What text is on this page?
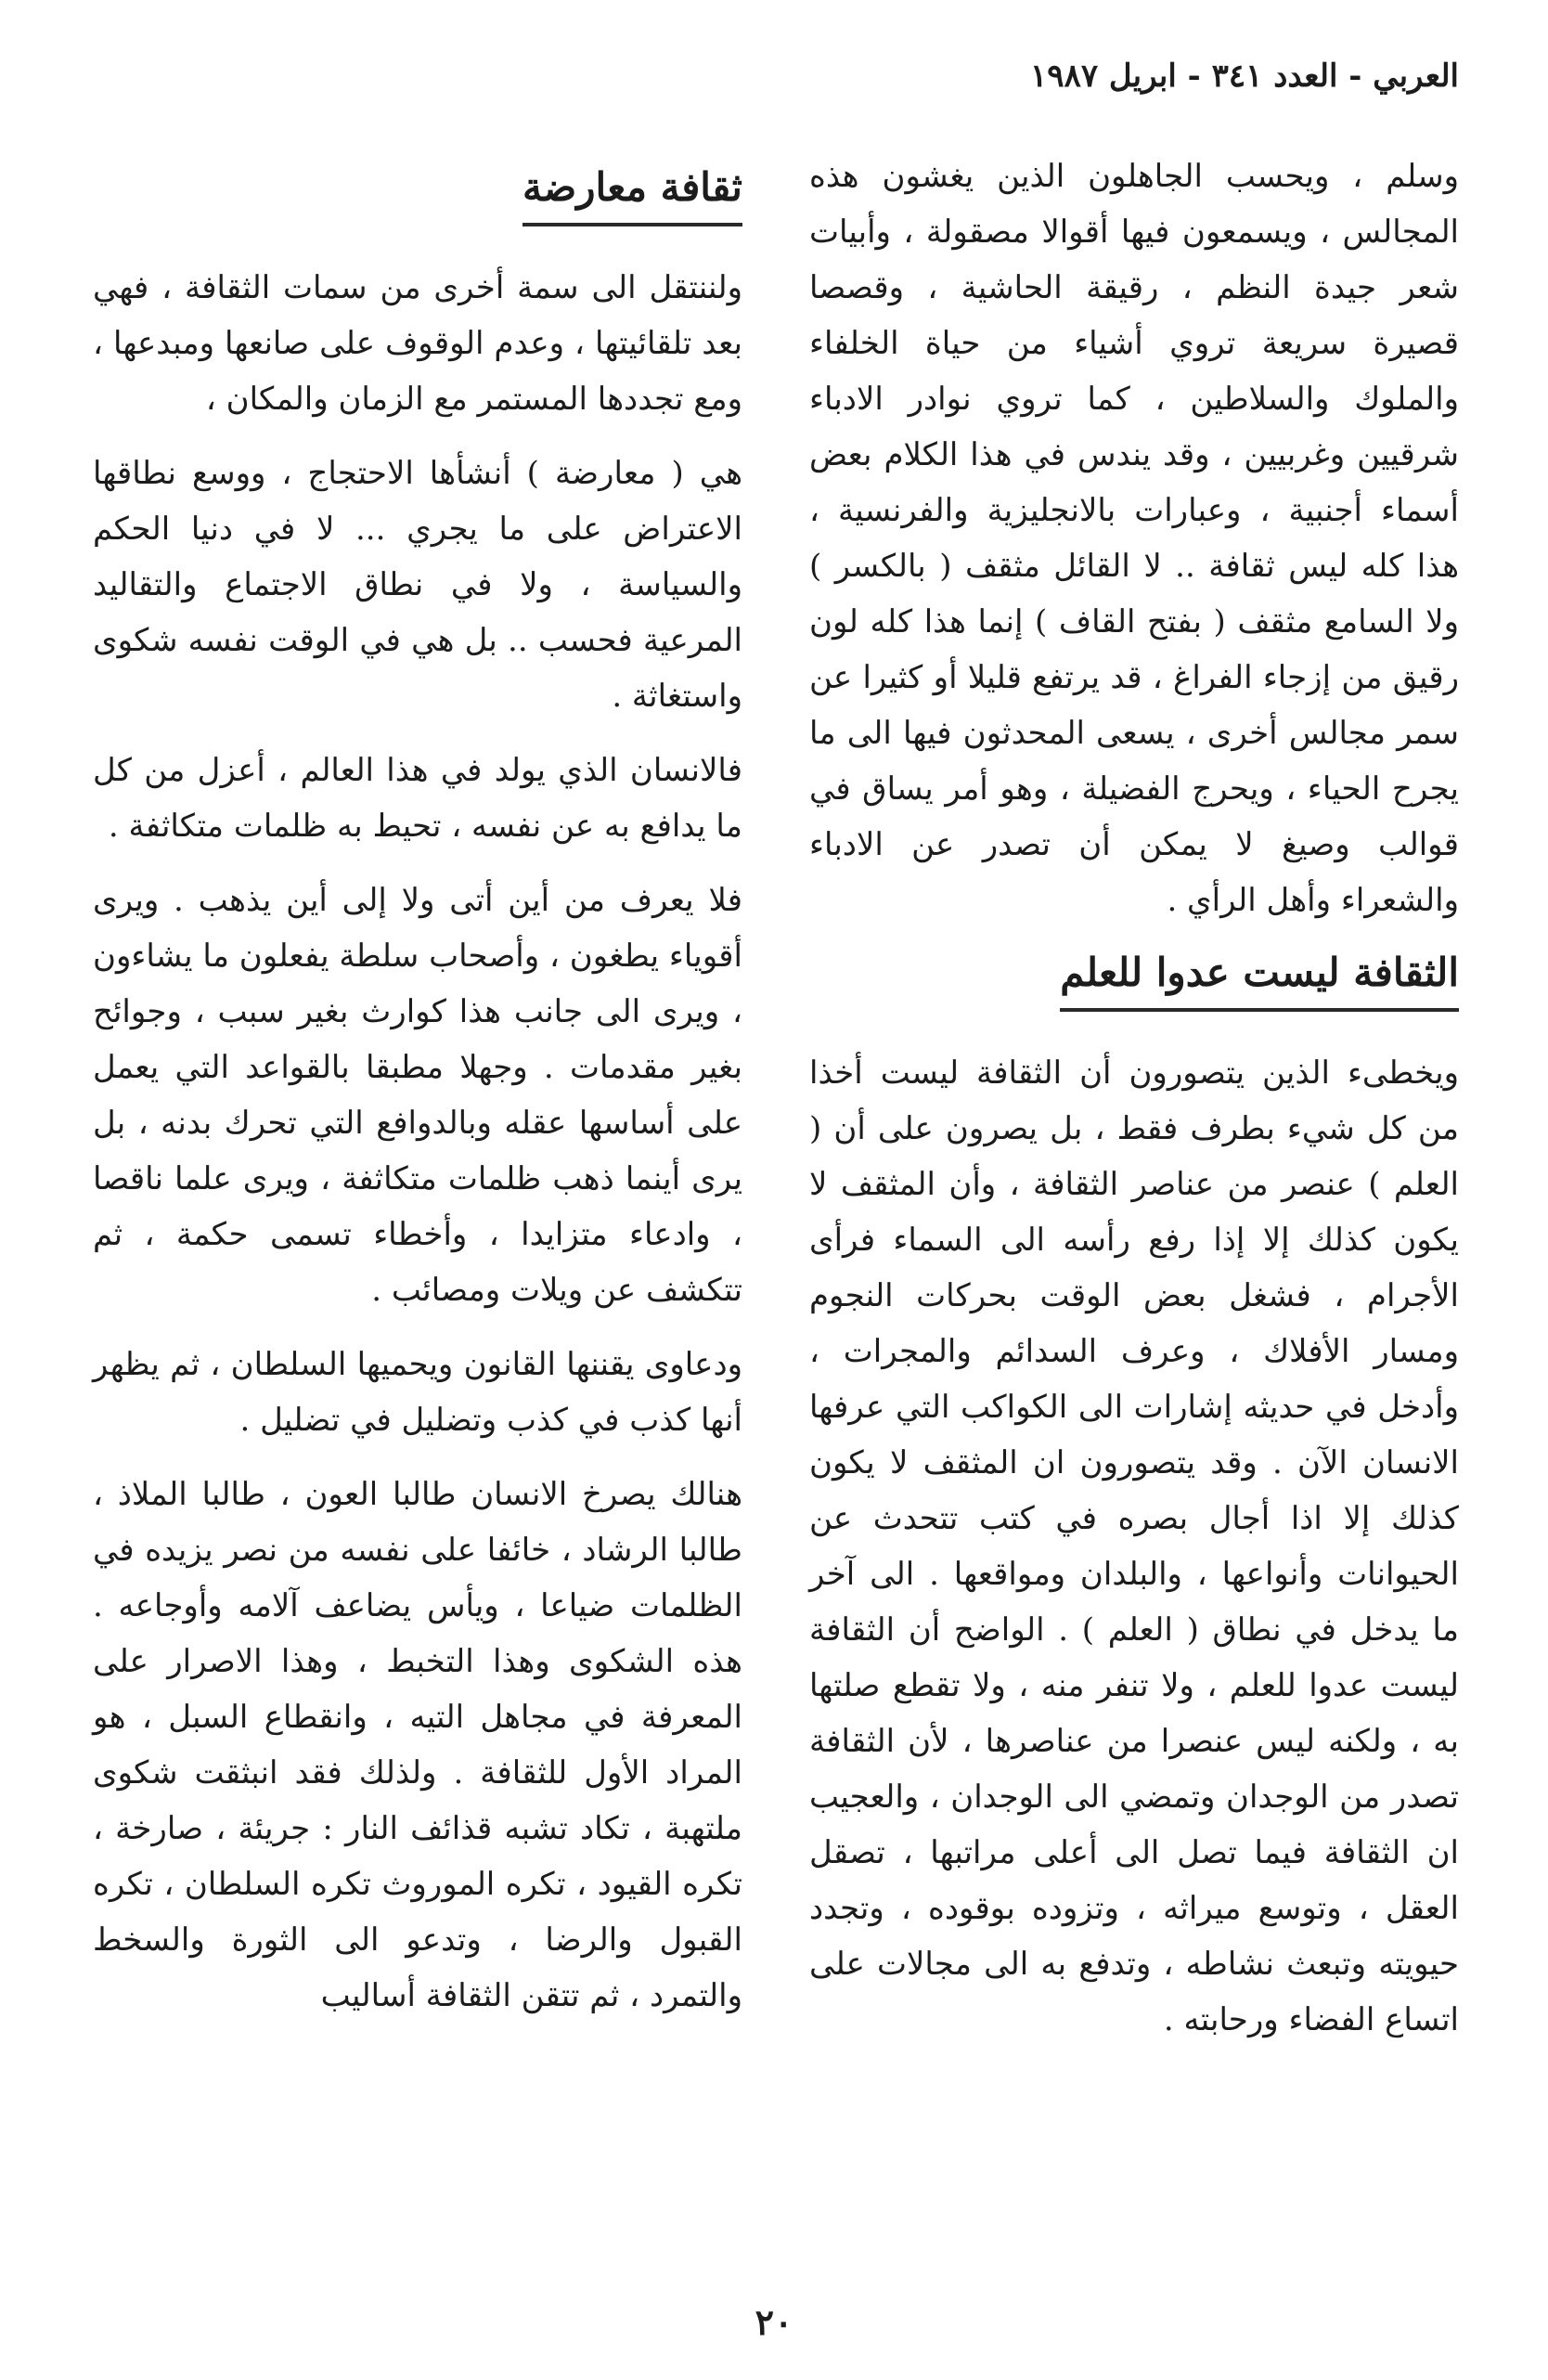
العربي - العدد ٣٤١ - ابريل ١٩٨٧

وسلم ، ويحسب الجاهلون الذين يغشون هذه المجالس ، ويسمعون فيها أقوالا مصقولة ، وأبيات شعر جيدة النظم ، رقيقة الحاشية ، وقصصا قصيرة سريعة تروي أشياء من حياة الخلفاء والملوك والسلاطين ، كما تروي نوادر الادباء شرقيين وغربيين ، وقد يندس في هذا الكلام بعض أسماء أجنبية ، وعبارات بالانجليزية والفرنسية ، هذا كله ليس ثقافة .. لا القائل مثقف ( بالكسر ) ولا السامع مثقف ( بفتح القاف ) إنما هذا كله لون رقيق من إزجاء الفراغ ، قد يرتفع قليلا أو كثيرا عن سمر مجالس أخرى ، يسعى المحدثون فيها الى ما يجرح الحياء ، ويحرج الفضيلة ، وهو أمر يساق في قوالب وصيغ لا يمكن أن تصدر عن الادباء والشعراء وأهل الرأي .

الثقافة ليست عدوا للعلم

ويخطىء الذين يتصورون أن الثقافة ليست أخذا من كل شيء بطرف فقط ، بل يصرون على أن ( العلم ) عنصر من عناصر الثقافة ، وأن المثقف لا يكون كذلك إلا إذا رفع رأسه الى السماء فرأى الأجرام ، فشغل بعض الوقت بحركات النجوم ومسار الأفلاك ، وعرف السدائم والمجرات ، وأدخل في حديثه إشارات الى الكواكب التي عرفها الانسان الآن . وقد يتصورون ان المثقف لا يكون كذلك إلا اذا أجال بصره في كتب تتحدث عن الحيوانات وأنواعها ، والبلدان ومواقعها . الى آخر ما يدخل في نطاق ( العلم ) . الواضح أن الثقافة ليست عدوا للعلم ، ولا تنفر منه ، ولا تقطع صلتها به ، ولكنه ليس عنصرا من عناصرها ، لأن الثقافة تصدر من الوجدان وتمضي الى الوجدان ، والعجيب ان الثقافة فيما تصل الى أعلى مراتبها ، تصقل العقل ، وتوسع ميراثه ، وتزوده بوقوده ، وتجدد حيويته وتبعث نشاطه ، وتدفع به الى مجالات على اتساع الفضاء ورحابته .

ثقافة معارضة

ولننتقل الى سمة أخرى من سمات الثقافة ، فهي بعد تلقائيتها ، وعدم الوقوف على صانعها ومبدعها ، ومع تجددها المستمر مع الزمان والمكان ،

هي ( معارضة ) أنشأها الاحتجاج ، ووسع نطاقها الاعتراض على ما يجري ... لا في دنيا الحكم والسياسة ، ولا في نطاق الاجتماع والتقاليد المرعية فحسب .. بل هي في الوقت نفسه شكوى واستغاثة .

فالانسان الذي يولد في هذا العالم ، أعزل من كل ما يدافع به عن نفسه ، تحيط به ظلمات متكاثفة .

فلا يعرف من أين أتى ولا إلى أين يذهب . ويرى أقوياء يطغون ، وأصحاب سلطة يفعلون ما يشاءون ، ويرى الى جانب هذا كوارث بغير سبب ، وجوائح بغير مقدمات . وجهلا مطبقا بالقواعد التي يعمل على أساسها عقله وبالدوافع التي تحرك بدنه ، بل يرى أينما ذهب ظلمات متكاثفة ، ويرى علما ناقصا ، وادعاء متزايدا ، وأخطاء تسمى حكمة ، ثم تتكشف عن ويلات ومصائب .

ودعاوى يقننها القانون ويحميها السلطان ، ثم يظهر أنها كذب في كذب وتضليل في تضليل .

هنالك يصرخ الانسان طالبا العون ، طالبا الملاذ ، طالبا الرشاد ، خائفا على نفسه من نصر يزيده في الظلمات ضياعا ، ويأس يضاعف آلامه وأوجاعه . هذه الشكوى وهذا التخبط ، وهذا الاصرار على المعرفة في مجاهل التيه ، وانقطاع السبل ، هو المراد الأول للثقافة . ولذلك فقد انبثقت شكوى ملتهبة ، تكاد تشبه قذائف النار : جريئة ، صارخة ، تكره القيود ، تكره الموروث تكره السلطان ، تكره القبول والرضا ، وتدعو الى الثورة والسخط والتمرد ، ثم تتقن الثقافة أساليب

٢٠
